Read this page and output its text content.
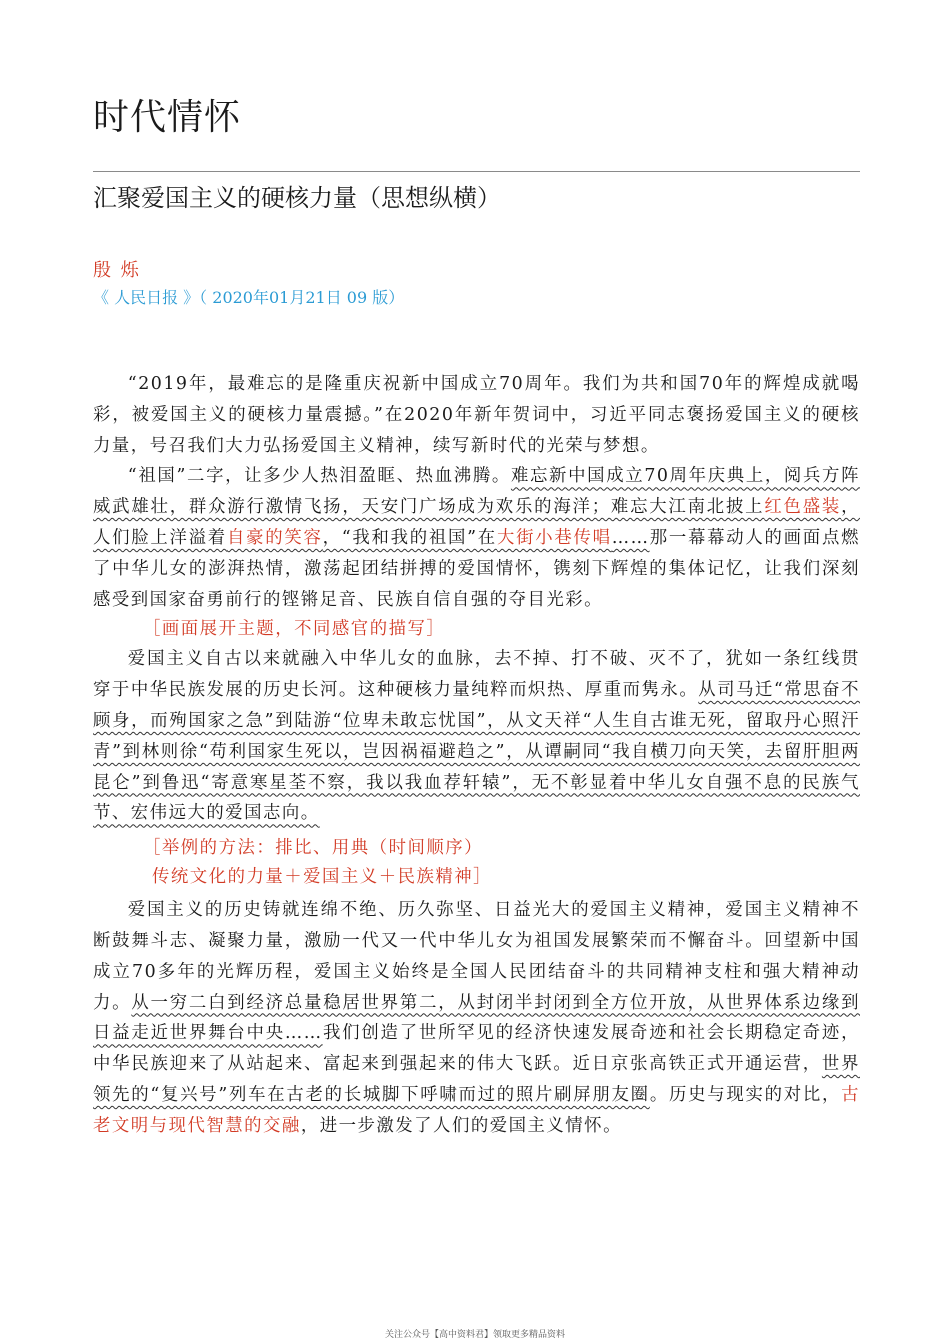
时代情怀
汇聚爱国主义的硬核力量（思想纵横）
殷 烁
《 人民日报 》（ 2020年01月21日 09 版）

“2019年，最难忘的是隆重庆祝新中国成立70周年。我们为共和国70年的辉煌成就喝彩，被爱国主义的硬核力量震撼。”在2020年新年贺词中，习近平同志褒扬爱国主义的硬核力量，号召我们大力弘扬爱国主义精神，续写新时代的光荣与梦想。

“祖国”二字，让多少人热泪盈眶、热血沸腾。难忘新中国成立70周年庆典上，阅兵方阵威武雄壮，群众游行激情飞扬，天安门广场成为欢乐的海洋；难忘大江南北披上红色盛装，人们脸上洋溢着自豪的笑容，“我和我的祖国”在大街小巷传唱……那一幕幕动人的画面点燃了中华儿女的澎湃热情，激荡起团结拼搏的爱国情怀，镌刻下辉煌的集体记忆，让我们深刻感受到国家奋勇前行的铿锵足音、民族自信自强的夺目光彩。

［画面展开主题，不同感官的描写］

爱国主义自古以来就融入中华儿女的血脉，去不掉、打不破、灭不了，犹如一条红线贯穿于中华民族发展的历史长河。这种硬核力量纯粹而炽热、厚重而隽永。从司马迁“常思奋不顾身，而殉国家之急”到陆游“位卑未敢忘忧国”，从文天祥“人生自古谁无死，留取丹心照汗青”到林则徐“苟利国家生死以，岂因祸福避趋之”，从谭嗣同“我自横刀向天笑，去留肝胆两昆仑”到鲁迅“寄意寒星荃不察，我以我血荐轩辕”，无不彰显着中华儿女自强不息的民族气节、宏伟远大的爱国志向。

［举例的方法：排比、用典（时间顺序）

传统文化的力量＋爱国主义＋民族精神］

爱国主义的历史铸就连绵不绝、历久弥坚、日益光大的爱国主义精神，爱国主义精神不断鼓舞斗志、凝聚力量，激励一代又一代中华儿女为祖国发展繁荣而不懈奋斗。回望新中国成立70多年的光辉历程，爱国主义始终是全国人民团结奋斗的共同精神支柱和强大精神动力。从一穷二白到经济总量稳居世界第二，从封闭半封闭到全方位开放，从世界体系边缘到日益走近世界舞台中央……我们创造了世所罕见的经济快速发展奇迹和社会长期稳定奇迹，中华民族迎来了从站起来、富起来到强起来的伟大飞跃。近日京张高铁正式开通运营，世界领先的“复兴号”列车在古老的长城脚下呼啸而过的照片刷屏朋友圈。历史与现实的对比，古老文明与现代智慧的交融，进一步激发了人们的爱国主义情怀。

关注公众号【高中资料君】领取更多精品资料
